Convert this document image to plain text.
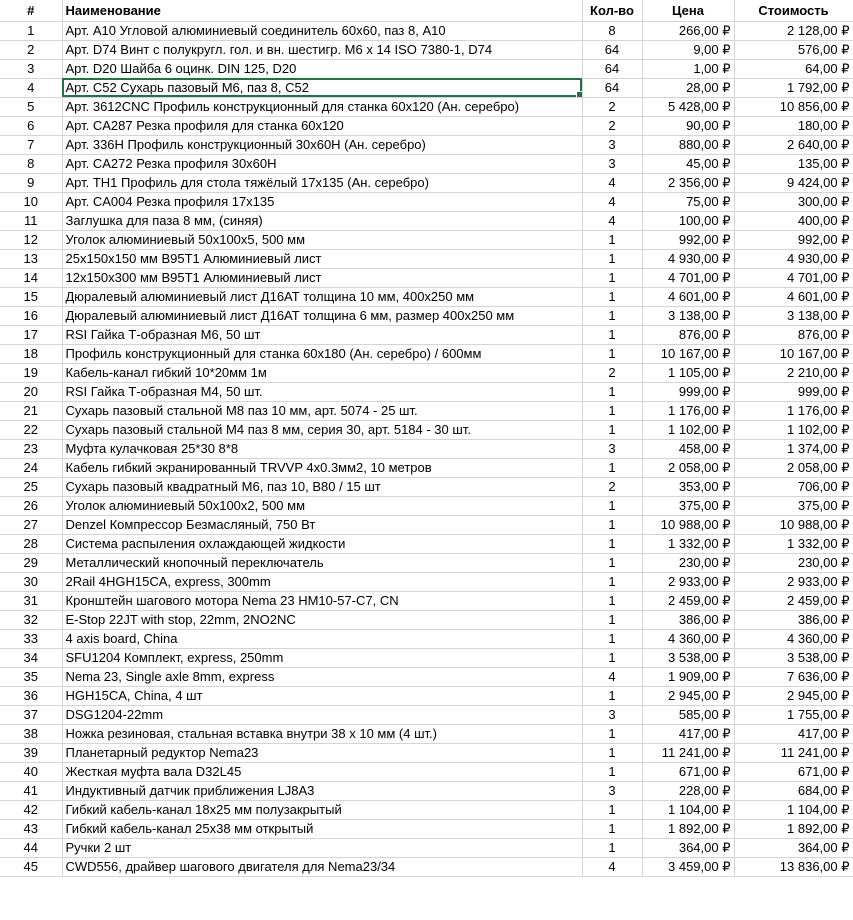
#	Наименование	Кол-во	Цена	Стоимость
1	Арт. A10 Угловой алюминиевый соединитель 60х60, паз 8, A10	8	266,00 ₽	2 128,00 ₽
2	Арт. D74 Винт с полукругл. гол. и вн. шестигр. M6 x 14 ISO 7380-1, D74	64	9,00 ₽	576,00 ₽
3	Арт. D20 Шайба 6 оцинк. DIN 125, D20	64	1,00 ₽	64,00 ₽
4	Арт. C52 Сухарь пазовый М6, паз 8, C52	64	28,00 ₽	1 792,00 ₽
5	Арт. 3612CNC Профиль конструкционный для станка 60х120 (Ан. серебро)	2	5 428,00 ₽	10 856,00 ₽
6	Арт. CA287 Резка профиля для станка 60х120	2	90,00 ₽	180,00 ₽
7	Арт. 336H Профиль конструкционный 30х60Н (Ан. серебро)	3	880,00 ₽	2 640,00 ₽
8	Арт. CA272 Резка профиля 30х60Н	3	45,00 ₽	135,00 ₽
9	Арт. TH1 Профиль для стола тяжёлый 17х135 (Ан. серебро)	4	2 356,00 ₽	9 424,00 ₽
10	Арт. CA004 Резка профиля 17х135	4	75,00 ₽	300,00 ₽
11	Заглушка для паза 8 мм, (синяя)	4	100,00 ₽	400,00 ₽
12	Уголок алюминиевый 50х100х5, 500 мм	1	992,00 ₽	992,00 ₽
13	25х150х150 мм В95Т1 Алюминиевый лист	1	4 930,00 ₽	4 930,00 ₽
14	12х150х300 мм В95Т1 Алюминиевый лист	1	4 701,00 ₽	4 701,00 ₽
15	Дюралевый алюминиевый лист Д16АТ толщина 10 мм, 400х250 мм	1	4 601,00 ₽	4 601,00 ₽
16	Дюралевый алюминиевый лист Д16АТ толщина 6 мм, размер 400х250 мм	1	3 138,00 ₽	3 138,00 ₽
17	RSI Гайка Т-образная М6, 50 шт	1	876,00 ₽	876,00 ₽
18	Профиль конструкционный для станка 60х180 (Ан. серебро) / 600мм	1	10 167,00 ₽	10 167,00 ₽
19	Кабель-канал гибкий 10*20мм 1м	2	1 105,00 ₽	2 210,00 ₽
20	RSI Гайка Т-образная М4, 50 шт.	1	999,00 ₽	999,00 ₽
21	Сухарь пазовый стальной М8 паз 10 мм, арт. 5074 - 25 шт.	1	1 176,00 ₽	1 176,00 ₽
22	Сухарь пазовый стальной М4 паз 8 мм, серия 30, арт. 5184 - 30 шт.	1	1 102,00 ₽	1 102,00 ₽
23	Муфта кулачковая 25*30 8*8	3	458,00 ₽	1 374,00 ₽
24	Кабель гибкий экранированный TRVVP 4x0.3мм2, 10 метров	1	2 058,00 ₽	2 058,00 ₽
25	Сухарь пазовый квадратный М6, паз 10, В80 / 15 шт	2	353,00 ₽	706,00 ₽
26	Уголок алюминиевый 50х100х2, 500 мм	1	375,00 ₽	375,00 ₽
27	Denzel Компрессор Безмасляный, 750 Вт	1	10 988,00 ₽	10 988,00 ₽
28	Система распыления охлаждающей жидкости	1	1 332,00 ₽	1 332,00 ₽
29	Металлический кнопочный переключатель	1	230,00 ₽	230,00 ₽
30	2Rail 4HGH15CA, express, 300mm	1	2 933,00 ₽	2 933,00 ₽
31	Кронштейн шагового мотора Nema 23 HM10-57-C7, CN	1	2 459,00 ₽	2 459,00 ₽
32	E-Stop 22JT with stop, 22mm, 2NO2NC	1	386,00 ₽	386,00 ₽
33	4 axis board, China	1	4 360,00 ₽	4 360,00 ₽
34	SFU1204 Комплект, express, 250mm	1	3 538,00 ₽	3 538,00 ₽
35	Nema 23, Single axle 8mm, express	4	1 909,00 ₽	7 636,00 ₽
36	HGH15CA, China, 4 шт	1	2 945,00 ₽	2 945,00 ₽
37	DSG1204-22mm	3	585,00 ₽	1 755,00 ₽
38	Ножка резиновая, стальная вставка внутри 38 х 10 мм (4 шт.)	1	417,00 ₽	417,00 ₽
39	Планетарный редуктор Nema23	1	11 241,00 ₽	11 241,00 ₽
40	Жесткая муфта вала D32L45	1	671,00 ₽	671,00 ₽
41	Индуктивный датчик приближения LJ8A3	3	228,00 ₽	684,00 ₽
42	Гибкий кабель-канал 18х25 мм полузакрытый	1	1 104,00 ₽	1 104,00 ₽
43	Гибкий кабель-канал 25х38 мм открытый	1	1 892,00 ₽	1 892,00 ₽
44	Ручки 2 шт	1	364,00 ₽	364,00 ₽
45	CWD556, драйвер шагового двигателя для Nema23/34	4	3 459,00 ₽	13 836,00 ₽
